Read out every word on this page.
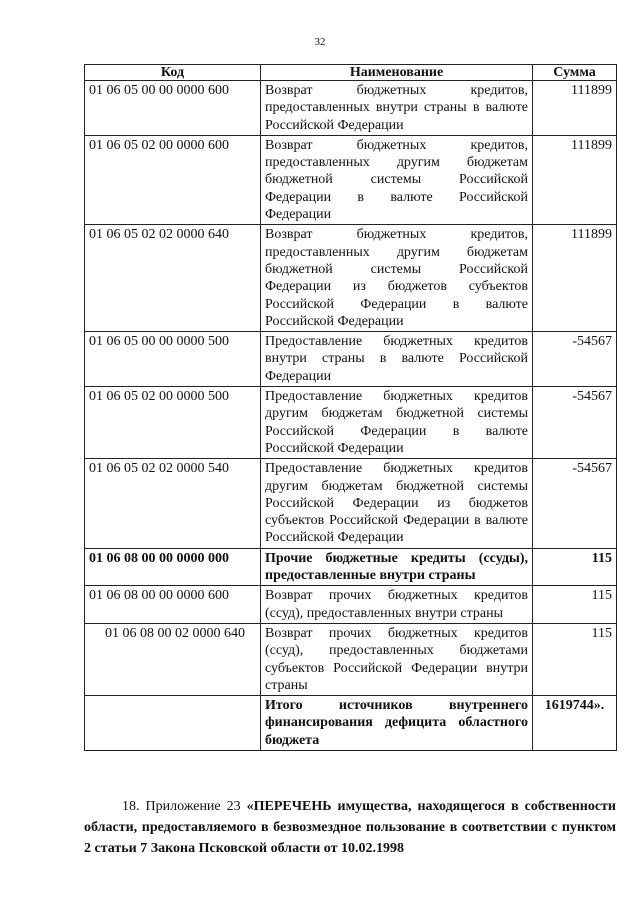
32
Код	Наименование	Сумма
01 06 05 00 00 0000 600	Возврат бюджетных кредитов, предоставленных внутри страны в валюте Российской Федерации	111899
01 06 05 02 00 0000 600	Возврат бюджетных кредитов, предоставленных другим бюджетам бюджетной системы Российской Федерации в валюте Российской Федерации	111899
01 06 05 02 02 0000 640	Возврат бюджетных кредитов, предоставленных другим бюджетам бюджетной системы Российской Федерации из бюджетов субъектов Российской Федерации в валюте Российской Федерации	111899
01 06 05 00 00 0000 500	Предоставление бюджетных кредитов внутри страны в валюте Российской Федерации	-54567
01 06 05 02 00 0000 500	Предоставление бюджетных кредитов другим бюджетам бюджетной системы Российской Федерации в валюте Российской Федерации	-54567
01 06 05 02 02 0000 540	Предоставление бюджетных кредитов другим бюджетам бюджетной системы Российской Федерации из бюджетов субъектов Российской Федерации в валюте Российской Федерации	-54567
01 06 08 00 00 0000 000	Прочие бюджетные кредиты (ссуды), предоставленные внутри страны	115
01 06 08 00 00 0000 600	Возврат прочих бюджетных кредитов (ссуд), предоставленных внутри страны	115
01 06 08 00 02 0000 640	Возврат прочих бюджетных кредитов (ссуд), предоставленных бюджетами субъектов Российской Федерации внутри страны	115
	Итого источников внутреннего финансирования дефицита областного бюджета	1619744».

18. Приложение 23 «ПЕРЕЧЕНЬ имущества, находящегося в собственности области, предоставляемого в безвозмездное пользование в соответствии с пунктом 2 статьи 7 Закона Псковской области от 10.02.1998
